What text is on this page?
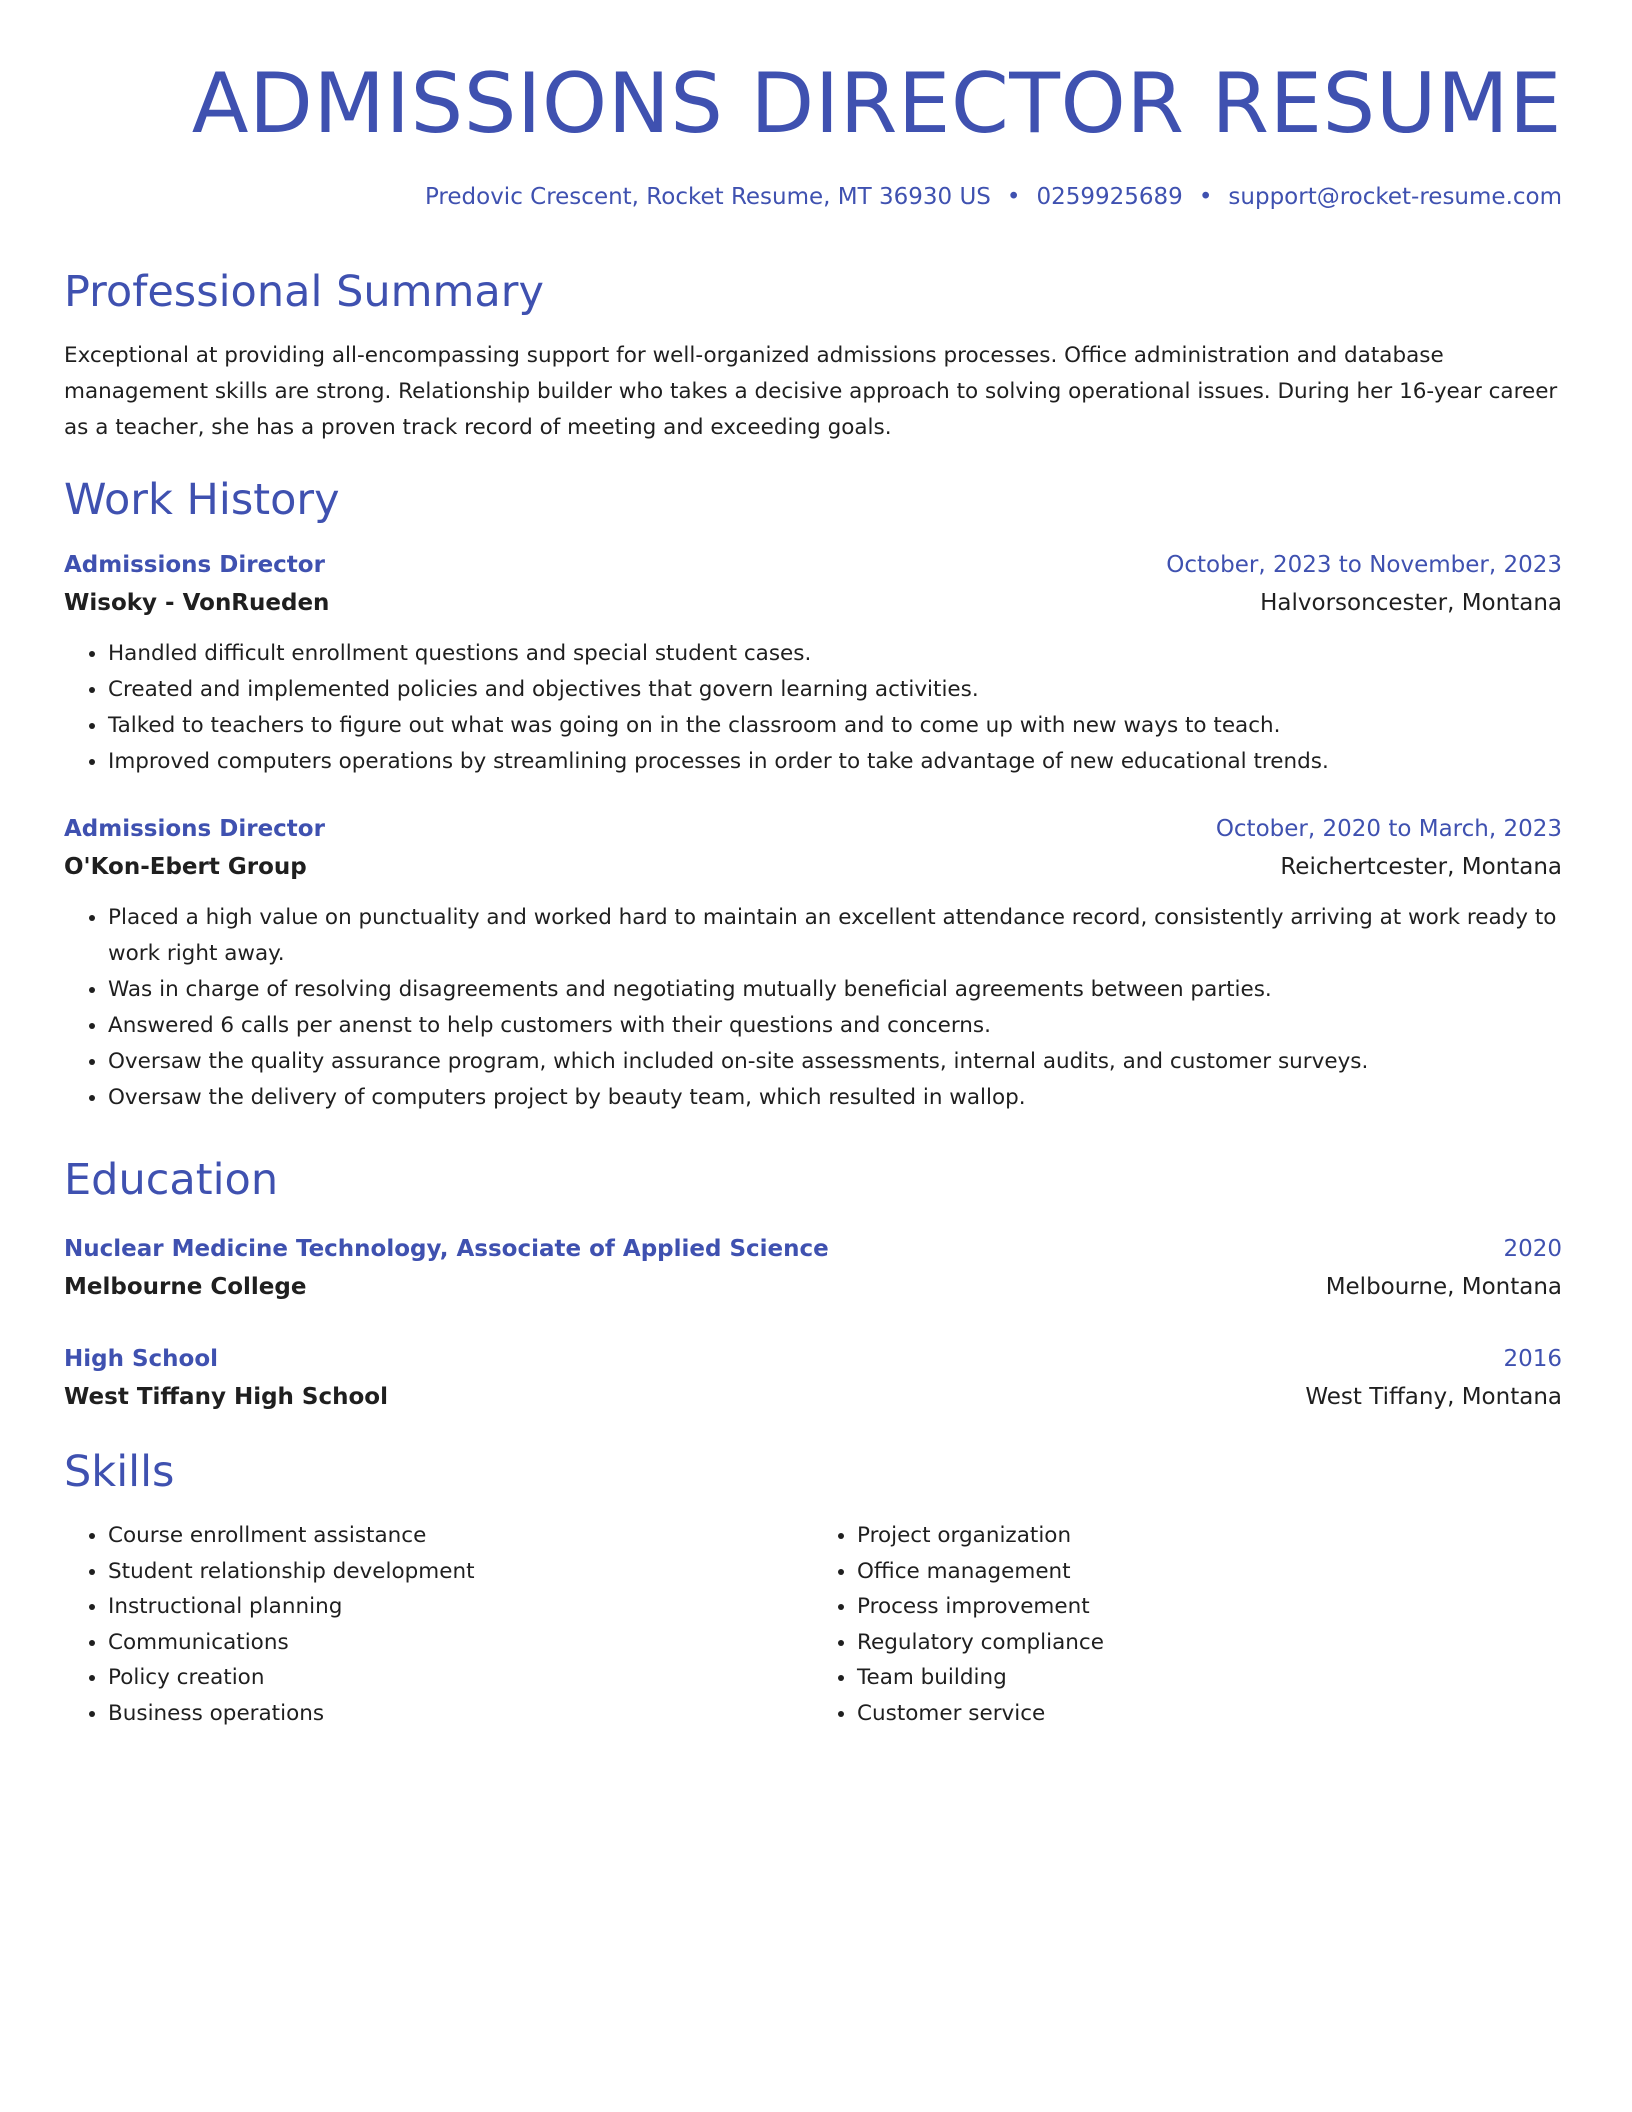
ADMISSIONS DIRECTOR RESUME
Predovic Crescent, Rocket Resume, MT 36930 US • 0259925689 • support@rocket-resume.com
Professional Summary
Exceptional at providing all-encompassing support for well-organized admissions processes. Office administration and database management skills are strong. Relationship builder who takes a decisive approach to solving operational issues. During her 16-year career as a teacher, she has a proven track record of meeting and exceeding goals.
Work History
Admissions Director	October, 2023 to November, 2023
Wisoky - VonRueden	Halvorsoncester, Montana
• Handled difficult enrollment questions and special student cases.
• Created and implemented policies and objectives that govern learning activities.
• Talked to teachers to figure out what was going on in the classroom and to come up with new ways to teach.
• Improved computers operations by streamlining processes in order to take advantage of new educational trends.
Admissions Director	October, 2020 to March, 2023
O'Kon-Ebert Group	Reichertcester, Montana
• Placed a high value on punctuality and worked hard to maintain an excellent attendance record, consistently arriving at work ready to work right away.
• Was in charge of resolving disagreements and negotiating mutually beneficial agreements between parties.
• Answered 6 calls per anenst to help customers with their questions and concerns.
• Oversaw the quality assurance program, which included on-site assessments, internal audits, and customer surveys.
• Oversaw the delivery of computers project by beauty team, which resulted in wallop.
Education
Nuclear Medicine Technology, Associate of Applied Science	2020
Melbourne College	Melbourne, Montana
High School	2016
West Tiffany High School	West Tiffany, Montana
Skills
• Course enrollment assistance
• Student relationship development
• Instructional planning
• Communications
• Policy creation
• Business operations
• Project organization
• Office management
• Process improvement
• Regulatory compliance
• Team building
• Customer service
